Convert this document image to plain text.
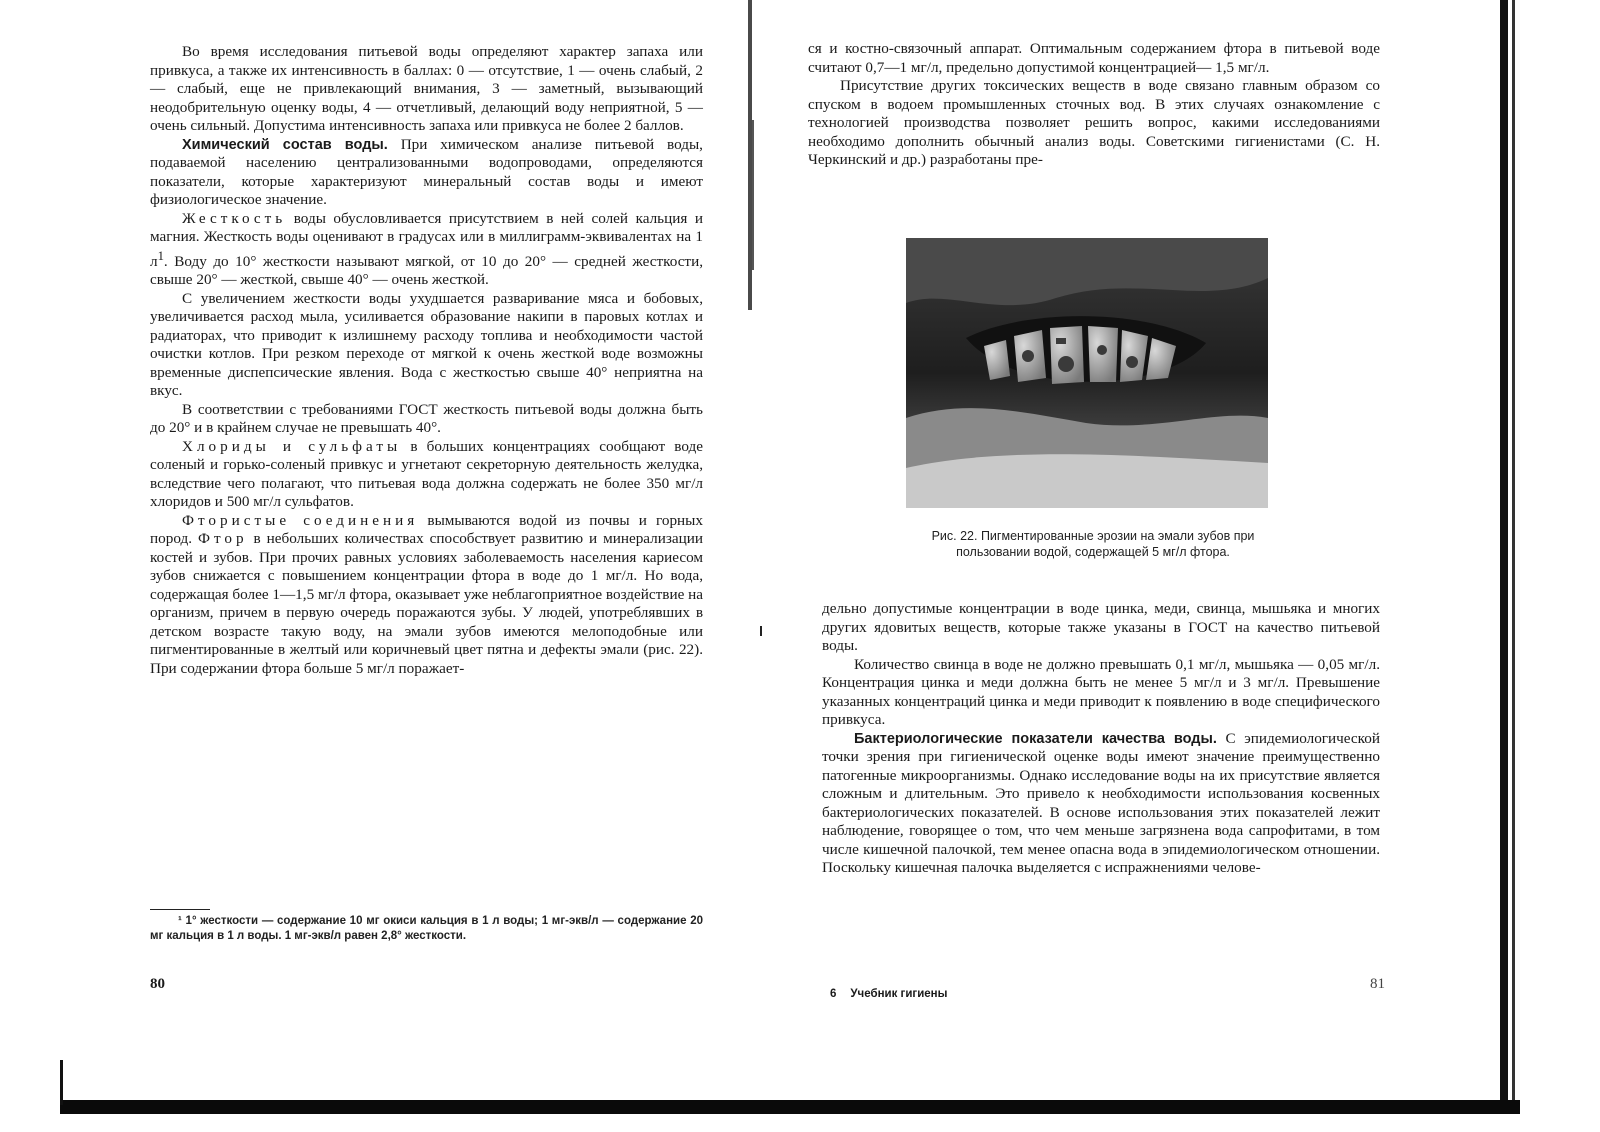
Во время исследования питьевой воды определяют характер запаха или привкуса, а также их интенсивность в баллах: 0 — отсутствие, 1 — очень слабый, 2 — слабый, еще не привлекающий внимания, 3 — заметный, вызывающий неодобрительную оценку воды, 4 — отчетливый, делающий воду неприятной, 5 — очень сильный. Допустима интенсивность запаха или привкуса не более 2 баллов.

Химический состав воды. При химическом анализе питьевой воды, подаваемой населению централизованными водопроводами, определяются показатели, которые характеризуют минеральный состав воды и имеют физиологическое значение.

Жесткость воды обусловливается присутствием в ней солей кальция и магния. Жесткость воды оценивают в градусах или в миллиграмм-эквивалентах на 1 $л^1$. Воду до 10° жесткости называют мягкой, от 10 до 20° — средней жесткости, свыше 20° — жесткой, свыше 40° — очень жесткой.

С увеличением жесткости воды ухудшается разваривание мяса и бобовых, увеличивается расход мыла, усиливается образование накипи в паровых котлах и радиаторах, что приводит к излишнему расходу топлива и необходимости частой очистки котлов. При резком переходе от мягкой к очень жесткой воде возможны временные диспепсические явления. Вода с жесткостью свыше 40° неприятна на вкус.

В соответствии с требованиями ГОСТ жесткость питьевой воды должна быть до 20° и в крайнем случае не превышать 40°.

Хлориды и сульфаты в больших концентрациях сообщают воде соленый и горько-соленый привкус и угнетают секреторную деятельность желудка, вследствие чего полагают, что питьевая вода должна содержать не более 350 мг/л хлоридов и 500 мг/л сульфатов.

Фтористые соединения вымываются водой из почвы и горных пород. Фтор в небольших количествах способствует развитию и минерализации костей и зубов. При прочих равных условиях заболеваемость населения кариесом зубов снижается с повышением концентрации фтора в воде до 1 мг/л. Но вода, содержащая более 1—1,5 мг/л фтора, оказывает уже неблагоприятное воздействие на организм, причем в первую очередь поражаются зубы. У людей, употреблявших в детском возрасте такую воду, на эмали зубов имеются мелоподобные или пигментированные в желтый или коричневый цвет пятна и дефекты эмали (рис. 22). При содержании фтора больше 5 мг/л поражает-

¹ 1° жесткости — содержание 10 мг окиси кальция в 1 л воды; 1 мг-экв/л — содержание 20 мг кальция в 1 л воды. 1 мг-экв/л равен 2,8° жесткости.

80

ся и костно-связочный аппарат. Оптимальным содержанием фтора в питьевой воде считают 0,7—1 мг/л, предельно допустимой концентрацией— 1,5 мг/л.

Присутствие других токсических веществ в воде связано главным образом со спуском в водоем промышленных сточных вод. В этих случаях ознакомление с технологией производства позволяет решить вопрос, какими исследованиями необходимо дополнить обычный анализ воды. Советскими гигиенистами (С. Н. Черкинский и др.) разработаны пре-

Рис. 22. Пигментированные эрозии на эмали зубов при пользовании водой, содержащей 5 мг/л фтора.

дельно допустимые концентрации в воде цинка, меди, свинца, мышьяка и многих других ядовитых веществ, которые также указаны в ГОСТ на качество питьевой воды.

Количество свинца в воде не должно превышать 0,1 мг/л, мышьяка — 0,05 мг/л. Концентрация цинка и меди должна быть не менее 5 мг/л и 3 мг/л. Превышение указанных концентраций цинка и меди приводит к появлению в воде специфического привкуса.

Бактериологические показатели качества воды. С эпидемиологической точки зрения при гигиенической оценке воды имеют значение преимущественно патогенные микроорганизмы. Однако исследование воды на их присутствие является сложным и длительным. Это привело к необходимости использования косвенных бактериологических показателей. В основе использования этих показателей лежит наблюдение, говорящее о том, что чем меньше загрязнена вода сапрофитами, в том числе кишечной палочкой, тем менее опасна вода в эпидемиологическом отношении. Поскольку кишечная палочка выделяется с испражнениями челове-

6 Учебник гигиены
81
